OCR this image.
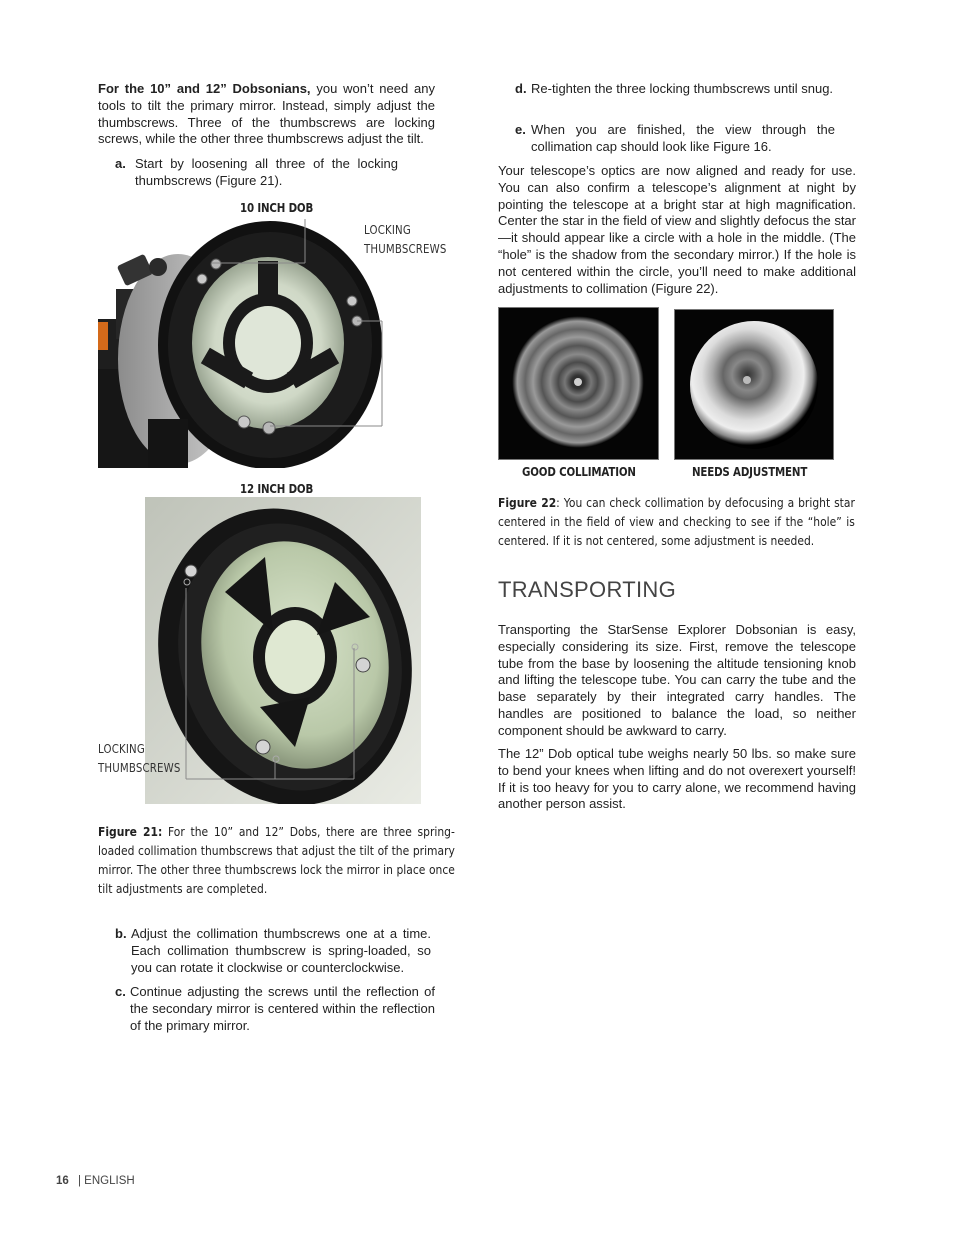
For the 10” and 12” Dobsonians, you won’t need any tools to tilt the primary mirror. Instead, simply adjust the thumbscrews. Three of the thumbscrews are locking screws, while the other three thumbscrews adjust the tilt.
a. Start by loosening all three of the locking thumbscrews (Figure 21).
10 INCH DOB
LOCKING
THUMBSCREWS
12 INCH DOB
LOCKING
THUMBSCREWS
Figure 21: For the 10” and 12” Dobs, there are three spring-loaded collimation thumbscrews that adjust the tilt of the primary mirror. The other three thumbscrews lock the mirror in place once tilt adjustments are completed.
b. Adjust the collimation thumbscrews one at a time. Each collimation thumbscrew is spring-loaded, so you can rotate it clockwise or counterclockwise.
c. Continue adjusting the screws until the reflection of the secondary mirror is centered within the reflection of the primary mirror.
d. Re-tighten the three locking thumbscrews until snug.
e. When you are finished, the view through the collimation cap should look like Figure 16.
Your telescope’s optics are now aligned and ready for use. You can also confirm a telescope’s alignment at night by pointing the telescope at a bright star at high magnification. Center the star in the field of view and slightly defocus the star—it should appear like a circle with a hole in the middle. (The “hole” is the shadow from the secondary mirror.) If the hole is not centered within the circle, you’ll need to make additional adjustments to collimation (Figure 22).
GOOD COLLIMATION	NEEDS ADJUSTMENT
Figure 22: You can check collimation by defocusing a bright star centered in the field of view and checking to see if the “hole” is centered. If it is not centered, some adjustment is needed.
TRANSPORTING
Transporting the StarSense Explorer Dobsonian is easy, especially considering its size. First, remove the telescope tube from the base by loosening the altitude tensioning knob and lifting the telescope tube. You can carry the tube and the base separately by their integrated carry handles. The handles are positioned to balance the load, so neither component should be awkward to carry.
The 12” Dob optical tube weighs nearly 50 lbs. so make sure to bend your knees when lifting and do not overexert yourself! If it is too heavy for you to carry alone, we recommend having another person assist.
16 | ENGLISH
